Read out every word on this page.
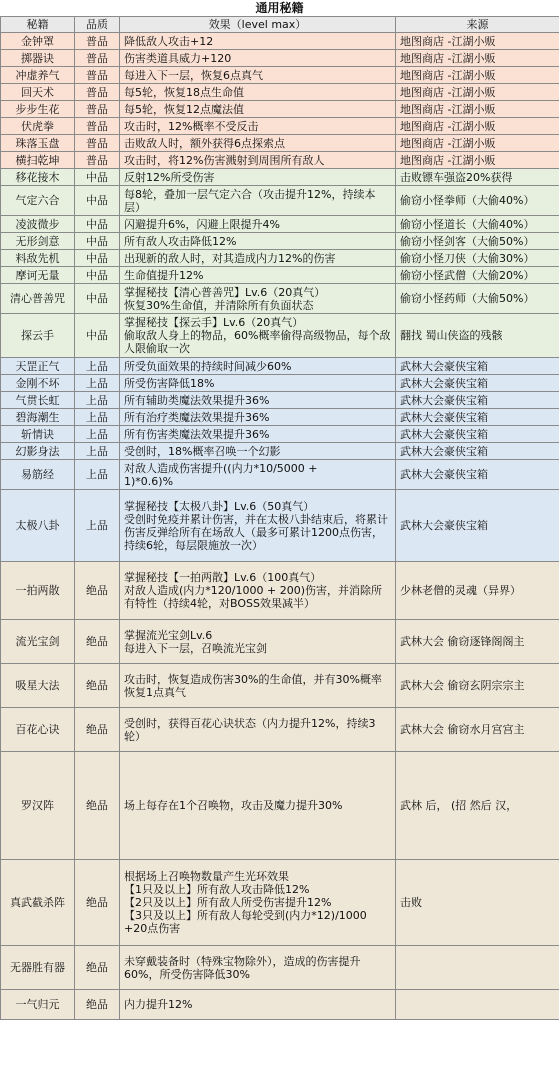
通用秘籍
秘籍	品质	效果（level max）	来源
金钟罩	普品	降低敌人攻击+12	地图商店 -江湖小贩
掷器诀	普品	伤害类道具威力+120	地图商店 -江湖小贩
冲虚养气	普品	每进入下一层，恢复6点真气	地图商店 -江湖小贩
回天术	普品	每5轮，恢复18点生命值	地图商店 -江湖小贩
步步生花	普品	每5轮，恢复12点魔法值	地图商店 -江湖小贩
伏虎拳	普品	攻击时，12%概率不受反击	地图商店 -江湖小贩
珠落玉盘	普品	击败敌人时，额外获得6点探索点	地图商店 -江湖小贩
横扫乾坤	普品	攻击时，将12%伤害溅射到周围所有敌人	地图商店 -江湖小贩
移花接木	中品	反射12%所受伤害	击败镖车强盗20%获得
气定六合	中品	每8轮，叠加一层气定六合（攻击提升12%，持续本层）	偷窃小怪拳师（大偷40%）
凌波微步	中品	闪避提升6%，闪避上限提升4%	偷窃小怪道长（大偷40%）
无形剑意	中品	所有敌人攻击降低12%	偷窃小怪剑客（大偷50%）
料敌先机	中品	出现新的敌人时，对其造成内力12%的伤害	偷窃小怪刀侠（大偷30%）
摩诃无量	中品	生命值提升12%	偷窃小怪武僧（大偷20%）
清心普善咒	中品	掌握秘技【清心普善咒】Lv.6（20真气）
恢复30%生命值，并清除所有负面状态	偷窃小怪药师（大偷50%）
探云手	中品	掌握秘技【探云手】Lv.6（20真气）
偷取敌人身上的物品，60%概率偷得高级物品，每个敌人限偷取一次	翻找 蜀山侠盗的残骸
天罡正气	上品	所受负面效果的持续时间减少60%	武林大会豪侠宝箱
金刚不坏	上品	所受伤害降低18%	武林大会豪侠宝箱
气贯长虹	上品	所有辅助类魔法效果提升36%	武林大会豪侠宝箱
碧海潮生	上品	所有治疗类魔法效果提升36%	武林大会豪侠宝箱
斩情诀	上品	所有伤害类魔法效果提升36%	武林大会豪侠宝箱
幻影身法	上品	受创时，18%概率召唤一个幻影	武林大会豪侠宝箱
易筋经	上品	对敌人造成伤害提升((内力*10/5000 +
1)*0.6)%	武林大会豪侠宝箱
太极八卦	上品	掌握秘技【太极八卦】Lv.6（50真气）
受创时免疫并累计伤害，并在太极八卦结束后，将累计伤害反弹给所有在场敌人（最多可累计1200点伤害，持续6轮，每层限施放一次）	武林大会豪侠宝箱
一拍两散	绝品	掌握秘技【一拍两散】Lv.6（100真气）
对敌人造成(内力*120/1000 + 200)伤害，并消除所有特性（持续4轮，对BOSS效果减半）	少林老僧的灵魂（异界）
流光宝剑	绝品	掌握流光宝剑Lv.6
每进入下一层，召唤流光宝剑	武林大会 偷窃逐锋阁阁主
吸星大法	绝品	攻击时，恢复造成伤害30%的生命值，并有30%概率恢复1点真气	武林大会 偷窃玄阴宗宗主
百花心诀	绝品	受创时，获得百花心诀状态（内力提升12%，持续3轮）	武林大会 偷窃水月宫宫主
罗汉阵	绝品	场上每存在1个召唤物，攻击及魔力提升30%	武林 后， (招 然后 汉，
真武截杀阵	绝品	根据场上召唤物数量产生光环效果
【1只及以上】所有敌人攻击降低12%
【2只及以上】所有敌人所受伤害提升12%
【3只及以上】所有敌人每轮受到(内力*12)/1000 +20点伤害	击败
无器胜有器	绝品	未穿戴装备时（特殊宝物除外），造成的伤害提升60%，所受伤害降低30%	
一气归元	绝品	内力提升12%	
